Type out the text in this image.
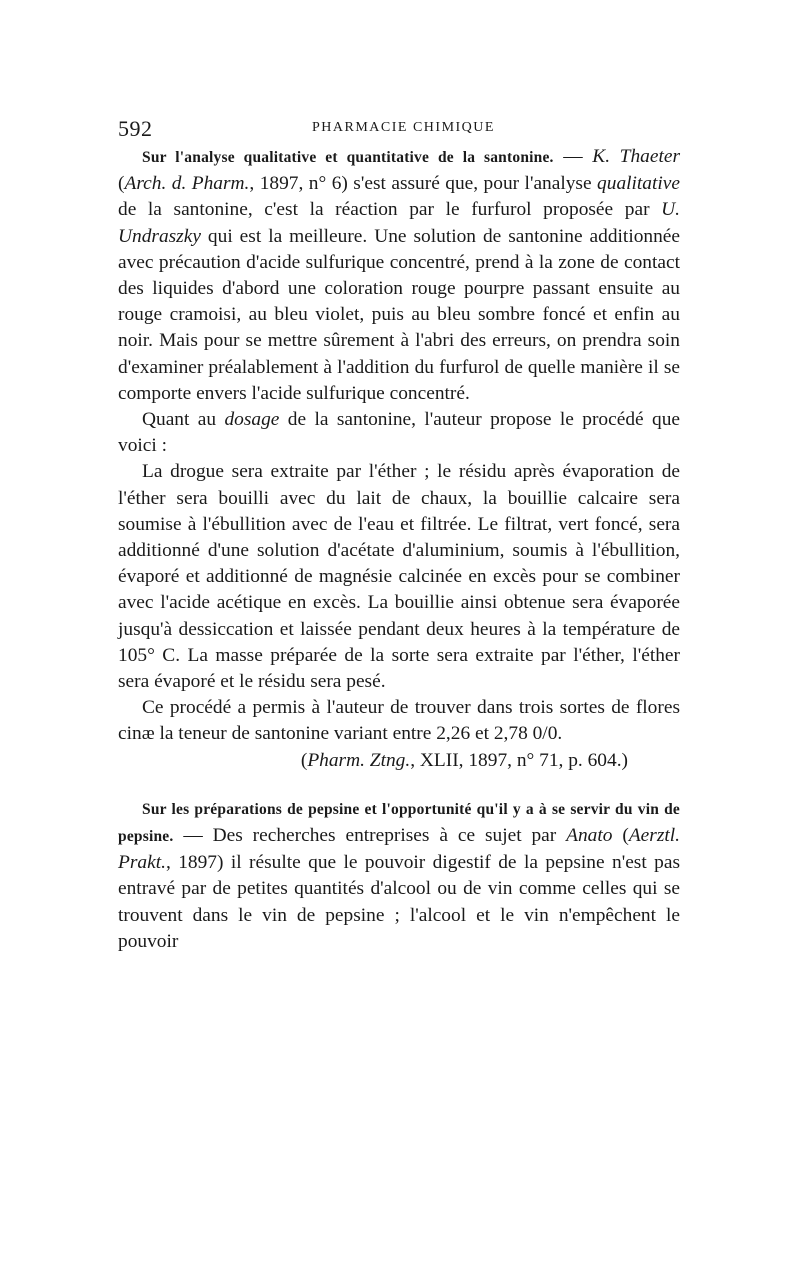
592	PHARMACIE CHIMIQUE

Sur l'analyse qualitative et quantitative de la santonine. — K. Thaeter (Arch. d. Pharm., 1897, n° 6) s'est assuré que, pour l'analyse qualitative de la santonine, c'est la réaction par le furfurol proposée par U. Undraszky qui est la meilleure. Une solution de santonine additionnée avec précaution d'acide sulfurique concentré, prend à la zone de contact des liquides d'abord une coloration rouge pourpre passant ensuite au rouge cramoisi, au bleu violet, puis au bleu sombre foncé et enfin au noir. Mais pour se mettre sûrement à l'abri des erreurs, on prendra soin d'examiner préalablement à l'addition du furfurol de quelle manière il se comporte envers l'acide sulfurique concentré.

Quant au dosage de la santonine, l'auteur propose le procédé que voici :

La drogue sera extraite par l'éther ; le résidu après évaporation de l'éther sera bouilli avec du lait de chaux, la bouillie calcaire sera soumise à l'ébullition avec de l'eau et filtrée. Le filtrat, vert foncé, sera additionné d'une solution d'acétate d'aluminium, soumis à l'ébullition, évaporé et additionné de magnésie calcinée en excès pour se combiner avec l'acide acétique en excès. La bouillie ainsi obtenue sera évaporée jusqu'à dessiccation et laissée pendant deux heures à la température de 105° C. La masse préparée de la sorte sera extraite par l'éther, l'éther sera évaporé et le résidu sera pesé.

Ce procédé a permis à l'auteur de trouver dans trois sortes de flores cinæ la teneur de santonine variant entre 2,26 et 2,78 0/0.

(Pharm. Ztng., XLII, 1897, n° 71, p. 604.)

Sur les préparations de pepsine et l'opportunité qu'il y a à se servir du vin de pepsine. — Des recherches entreprises à ce sujet par Anato (Aerztl. Prakt., 1897) il résulte que le pouvoir digestif de la pepsine n'est pas entravé par de petites quantités d'alcool ou de vin comme celles qui se trouvent dans le vin de pepsine ; l'alcool et le vin n'empêchent le pouvoir
